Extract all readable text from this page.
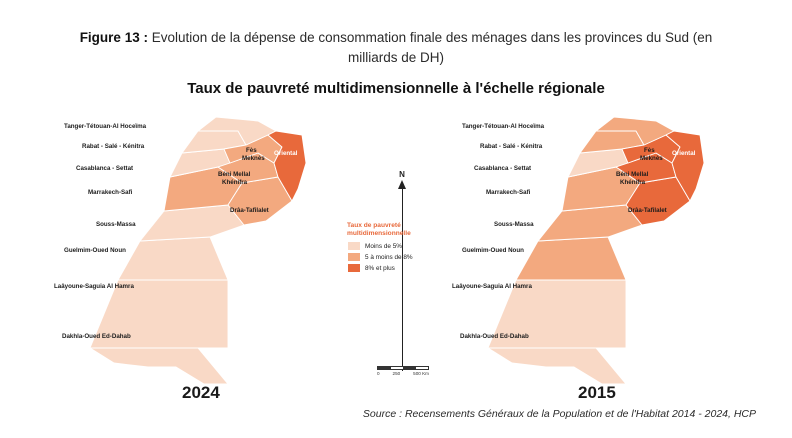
Figure 13 : Evolution de la dépense de consommation finale des ménages dans les provinces du Sud (en milliards de DH)
Taux de pauvreté multidimensionnelle à l'échelle régionale
Tanger-Tétouan-Al Hoceïma
Rabat - Salé - Kénitra
Fès
Meknès
Oriental
Casablanca - Settat
Béni Mellal
Khénifra
Marrakech-Safi
Drâa-Tafilalet
Souss-Massa
Guelmim-Oued Noun
Laâyoune-Saguia Al Hamra
Dakhla-Oued Ed-Dahab
2024
Tanger-Tétouan-Al Hoceïma
Rabat - Salé - Kénitra
Fès
Meknès
Oriental
Casablanca - Settat
Béni Mellal
Khénifra
Marrakech-Safi
Drâa-Tafilalet
Souss-Massa
Guelmim-Oued Noun
Laâyoune-Saguia Al Hamra
Dakhla-Oued Ed-Dahab
2015
N
Taux de pauvreté multidimensionnelle
Moins de 5%
5 à moins de 8%
8% et plus
0	250	500 Km
Source : Recensements Généraux de la Population et de l'Habitat 2014 - 2024, HCP
